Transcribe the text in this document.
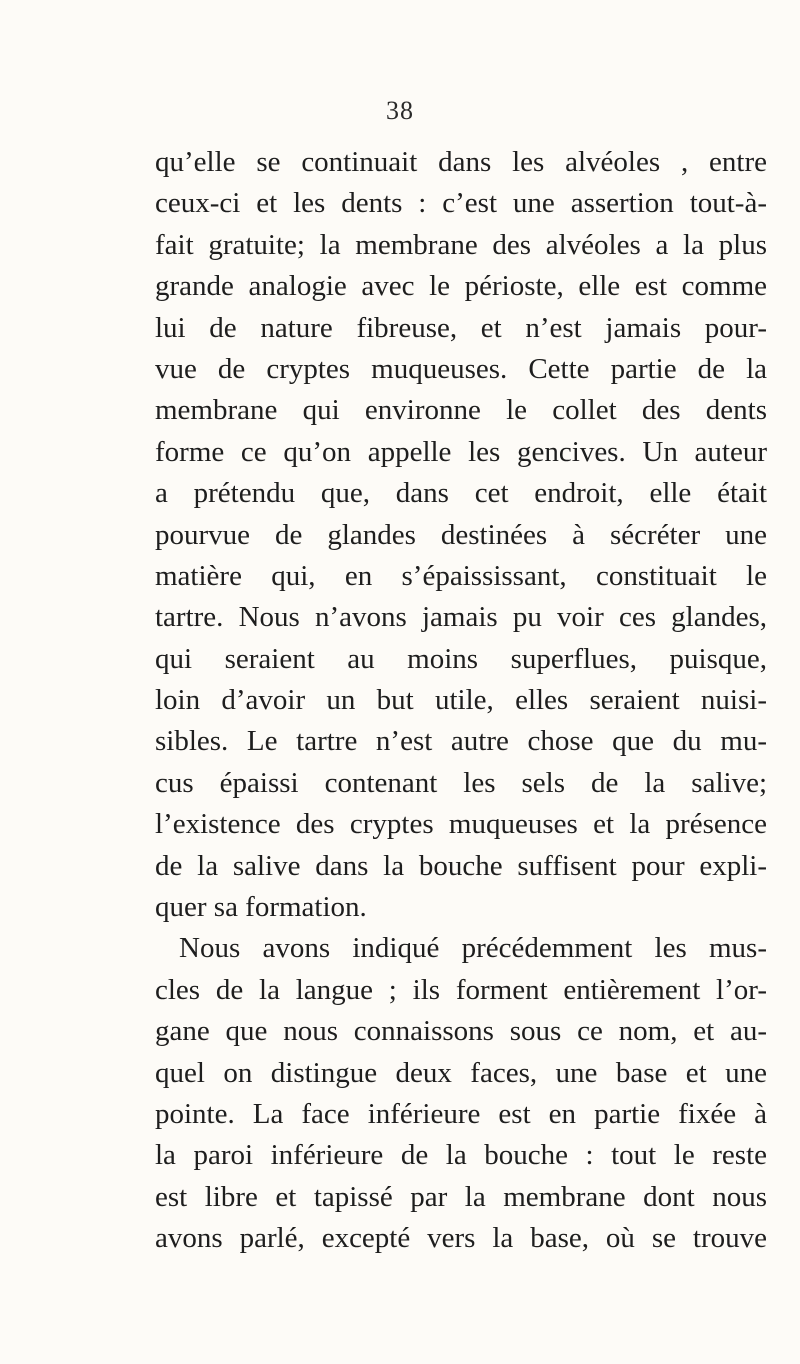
38
qu’elle se continuait dans les alvéoles , entre
ceux-ci et les dents : c’est une assertion tout-à-
fait gratuite; la membrane des alvéoles a la plus
grande analogie avec le périoste, elle est comme
lui de nature fibreuse, et n’est jamais pour-
vue de cryptes muqueuses. Cette partie de la
membrane qui environne le collet des dents
forme ce qu’on appelle les gencives. Un auteur
a prétendu que, dans cet endroit, elle était
pourvue de glandes destinées à sécréter une
matière qui, en s’épaississant, constituait le
tartre. Nous n’avons jamais pu voir ces glandes,
qui seraient au moins superflues, puisque,
loin d’avoir un but utile, elles seraient nuisi-
sibles. Le tartre n’est autre chose que du mu-
cus épaissi contenant les sels de la salive;
l’existence des cryptes muqueuses et la présence
de la salive dans la bouche suffisent pour expli-
quer sa formation.
Nous avons indiqué précédemment les mus-
cles de la langue ; ils forment entièrement l’or-
gane que nous connaissons sous ce nom, et au-
quel on distingue deux faces, une base et une
pointe. La face inférieure est en partie fixée à
la paroi inférieure de la bouche : tout le reste
est libre et tapissé par la membrane dont nous
avons parlé, excepté vers la base, où se trouve
